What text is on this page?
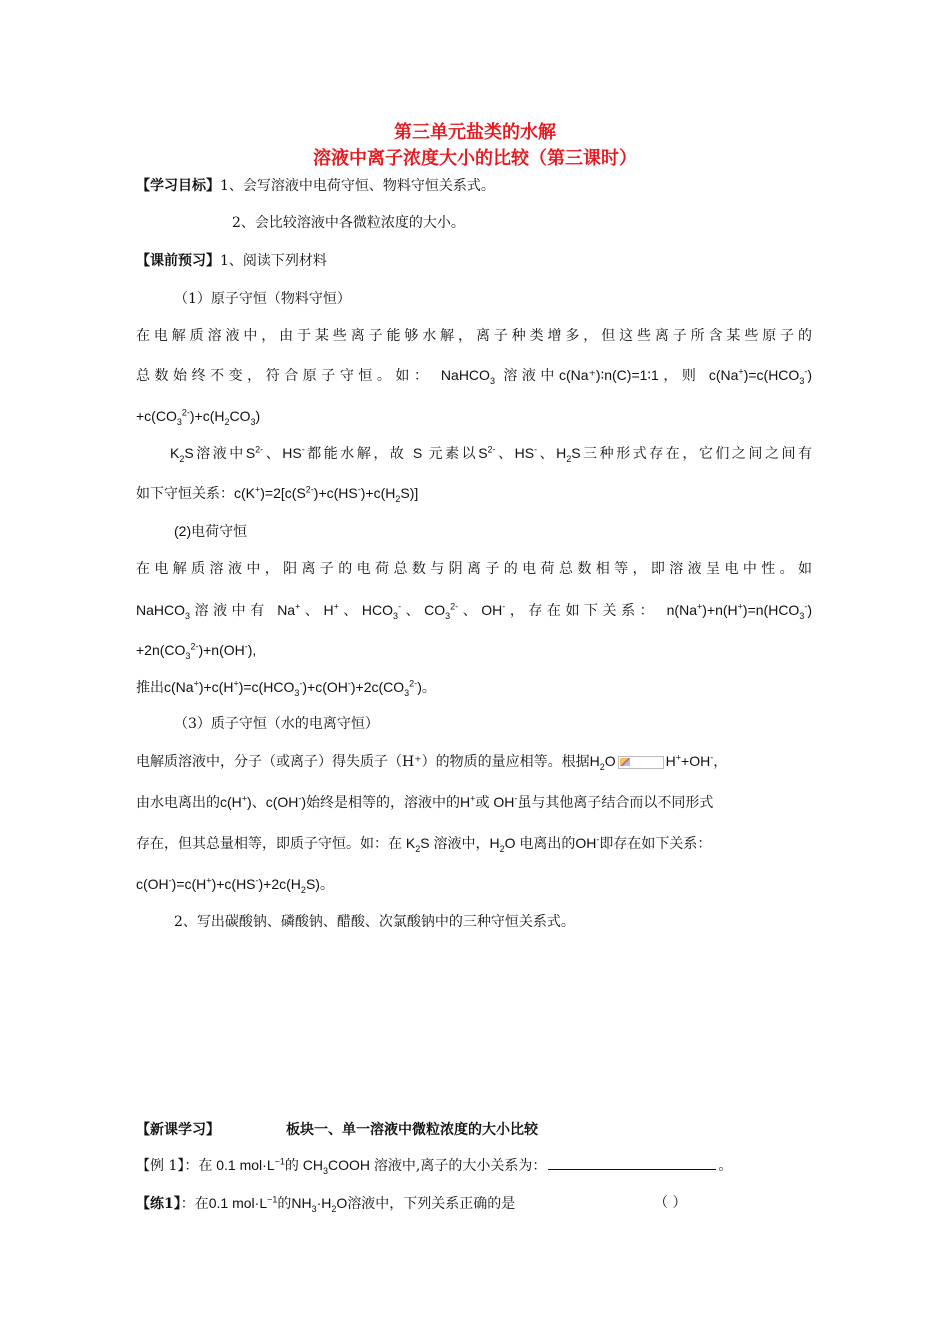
第三单元盐类的水解
溶液中离子浓度大小的比较（第三课时）
【学习目标】1、会写溶液中电荷守恒、物料守恒关系式。
2、会比较溶液中各微粒浓度的大小。
【课前预习】1、阅读下列材料
（1）原子守恒（物料守恒）
在电解质溶液中，由于某些离子能够水解，离子种类增多，但这些离子所含某些原子的
总数始终不变，符合原子守恒。如： NaHCO$_3$ 溶液中c(Na⁺)∶n(C)=1∶1，则 $c(Na^+)=c(HCO_3^-)$
$+c(CO_3^{2-})+c(H_2CO_3)$
$K_2S$溶液中$S^{2-}$、HS-都能水解，故 S 元素以$S^{2-}$、HS-、$H_2S$三种形式存在，它们之间之间有
如下守恒关系：$c(K^+)=2[c(S^{2-})+c(HS^-)+c(H_2S)]$
(2)电荷守恒
在电解质溶液中，阳离子的电荷总数与阴离子的电荷总数相等，即溶液呈电中性。如
NaHCO$_3$溶液中有 Na+、H+、$HCO_3^-$、$CO_3^{2-}$、OH-，存在如下关系： $n(Na^+)+n(H^+)=n(HCO_3^-)$
$+2n(CO_3^{2-})+n(OH^-)$,
推出$c(Na^+)+c(H^+)=c(HCO_3^-)+c(OH^-)+2c(CO_3^{2-})$。
（3）质子守恒（水的电离守恒）
电解质溶液中，分子（或离子）得失质子（H⁺）的物质的量应相等。根据$H_2O$	H++OH-，
由水电离出的c(H+)、c(OH-)始终是相等的，溶液中的H+或 OH-虽与其他离子结合而以不同形式
存在，但其总量相等，即质子守恒。如：在 $K_2S$ 溶液中，$H_2O$ 电离出的OH-即存在如下关系：
$c(OH^-)=c(H^+)+c(HS^-)+2c(H_2S)$。
2、写出碳酸钠、磷酸钠、醋酸、次氯酸钠中的三种守恒关系式。
【新课学习】	板块一、单一溶液中微粒浓度的大小比较
【例 1】：在 0.1 $mol\cdot L^{-1}$的 $CH_3COOH$ 溶液中,离子的大小关系为：	。
【练1】：在0.1 $mol\cdot L^{-1}$的$NH_3\cdot H_2O$溶液中，下列关系正确的是	（ ）
